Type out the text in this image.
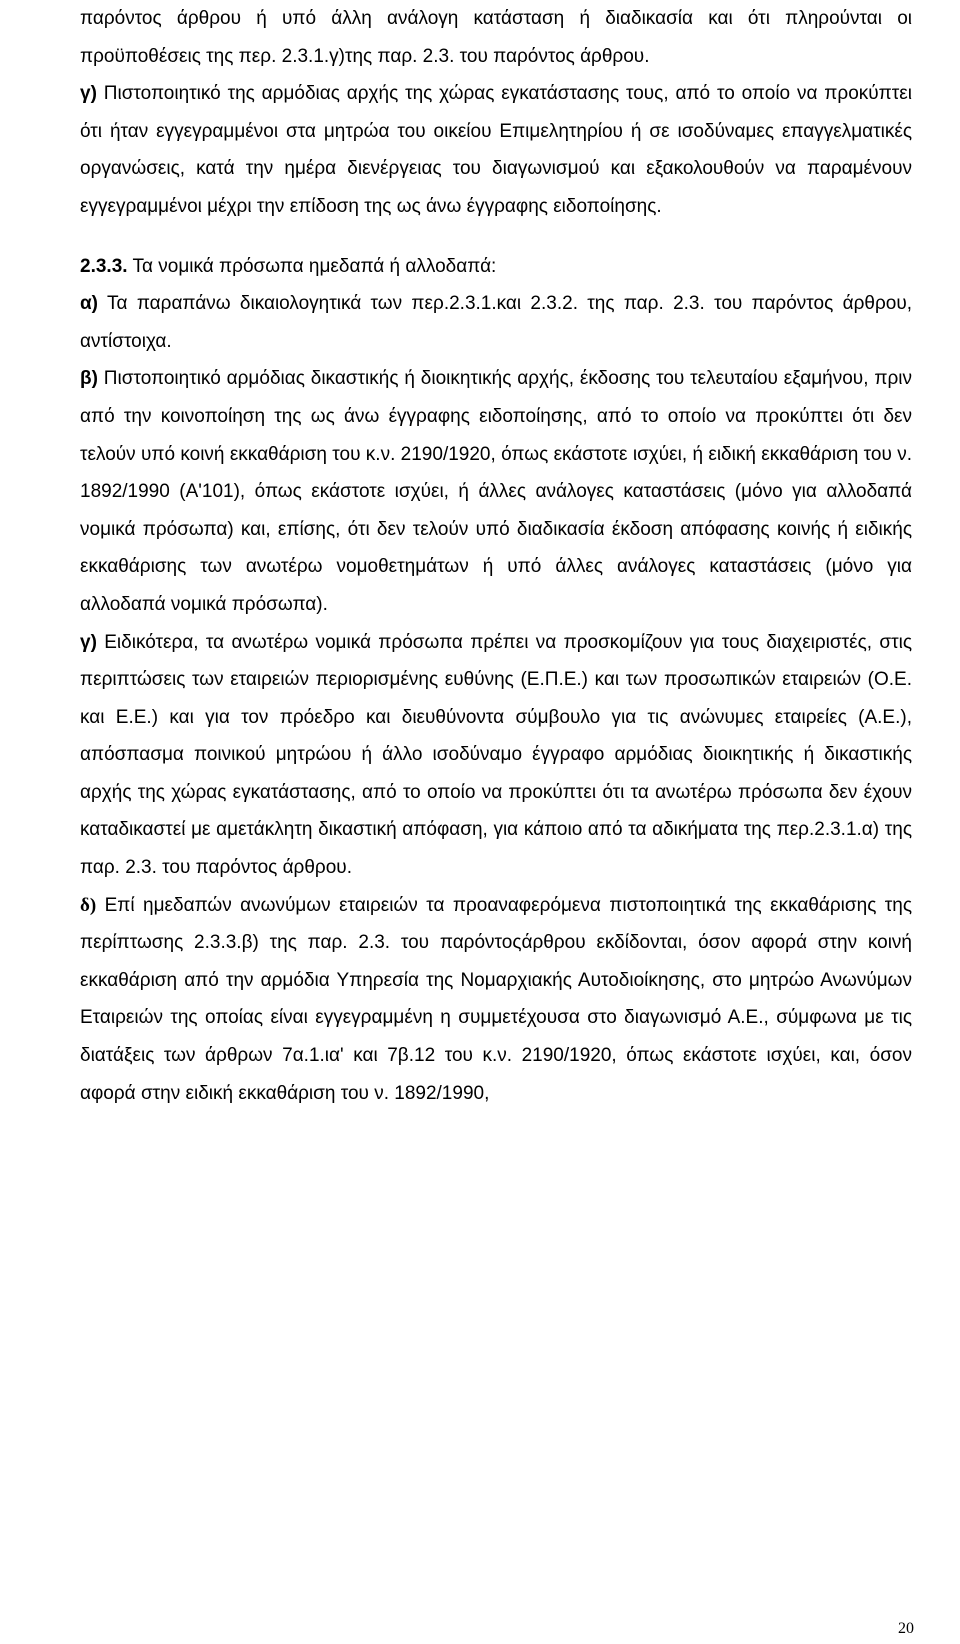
παρόντος άρθρου ή υπό άλλη ανάλογη κατάσταση ή διαδικασία και ότι πληρούνται οι προϋποθέσεις της περ. 2.3.1.γ)της παρ. 2.3. του παρόντος άρθρου.

γ) Πιστοποιητικό της αρμόδιας αρχής της χώρας εγκατάστασης τους, από το οποίο να προκύπτει ότι ήταν εγγεγραμμένοι στα μητρώα του οικείου Επιμελητηρίου ή σε ισοδύναμες επαγγελματικές οργανώσεις, κατά την ημέρα διενέργειας του διαγωνισμού και εξακολουθούν να παραμένουν εγγεγραμμένοι μέχρι την επίδοση της ως άνω έγγραφης ειδοποίησης.

2.3.3. Τα νομικά πρόσωπα ημεδαπά ή αλλοδαπά:

α) Τα παραπάνω δικαιολογητικά των περ.2.3.1.και 2.3.2. της παρ. 2.3. του παρόντος άρθρου, αντίστοιχα.

β) Πιστοποιητικό αρμόδιας δικαστικής ή διοικητικής αρχής, έκδοσης του τελευταίου εξαμήνου, πριν από την κοινοποίηση της ως άνω έγγραφης ειδοποίησης, από το οποίο να προκύπτει ότι δεν τελούν υπό κοινή εκκαθάριση του κ.ν. 2190/1920, όπως εκάστοτε ισχύει, ή ειδική εκκαθάριση του ν. 1892/1990 (Α'101), όπως εκάστοτε ισχύει, ή άλλες ανάλογες καταστάσεις (μόνο για αλλοδαπά νομικά πρόσωπα) και, επίσης, ότι δεν τελούν υπό διαδικασία έκδοση απόφασης κοινής ή ειδικής εκκαθάρισης των ανωτέρω νομοθετημάτων ή υπό άλλες ανάλογες καταστάσεις (μόνο για αλλοδαπά νομικά πρόσωπα).

γ) Ειδικότερα, τα ανωτέρω νομικά πρόσωπα πρέπει να προσκομίζουν για τους διαχειριστές, στις περιπτώσεις των εταιρειών περιορισμένης ευθύνης (Ε.Π.Ε.) και των προσωπικών εταιρειών (Ο.Ε. και Ε.Ε.) και για τον πρόεδρο και διευθύνοντα σύμβουλο για τις ανώνυμες εταιρείες (Α.Ε.), απόσπασμα ποινικού μητρώου ή άλλο ισοδύναμο έγγραφο αρμόδιας διοικητικής ή δικαστικής αρχής της χώρας εγκατάστασης, από το οποίο να προκύπτει ότι τα ανωτέρω πρόσωπα δεν έχουν καταδικαστεί με αμετάκλητη δικαστική απόφαση, για κάποιο από τα αδικήματα της περ.2.3.1.α) της παρ. 2.3. του παρόντος άρθρου.

δ) Επί ημεδαπών ανωνύμων εταιρειών τα προαναφερόμενα πιστοποιητικά της εκκαθάρισης της περίπτωσης 2.3.3.β) της παρ. 2.3. του παρόντοςάρθρου εκδίδονται, όσον αφορά στην κοινή εκκαθάριση από την αρμόδια Υπηρεσία της Νομαρχιακής Αυτοδιοίκησης, στο μητρώο Ανωνύμων Εταιρειών της οποίας είναι εγγεγραμμένη η συμμετέχουσα στο διαγωνισμό Α.Ε., σύμφωνα με τις διατάξεις των άρθρων 7α.1.ια' και 7β.12 του κ.ν. 2190/1920, όπως εκάστοτε ισχύει, και, όσον αφορά στην ειδική εκκαθάριση του ν. 1892/1990,

20
